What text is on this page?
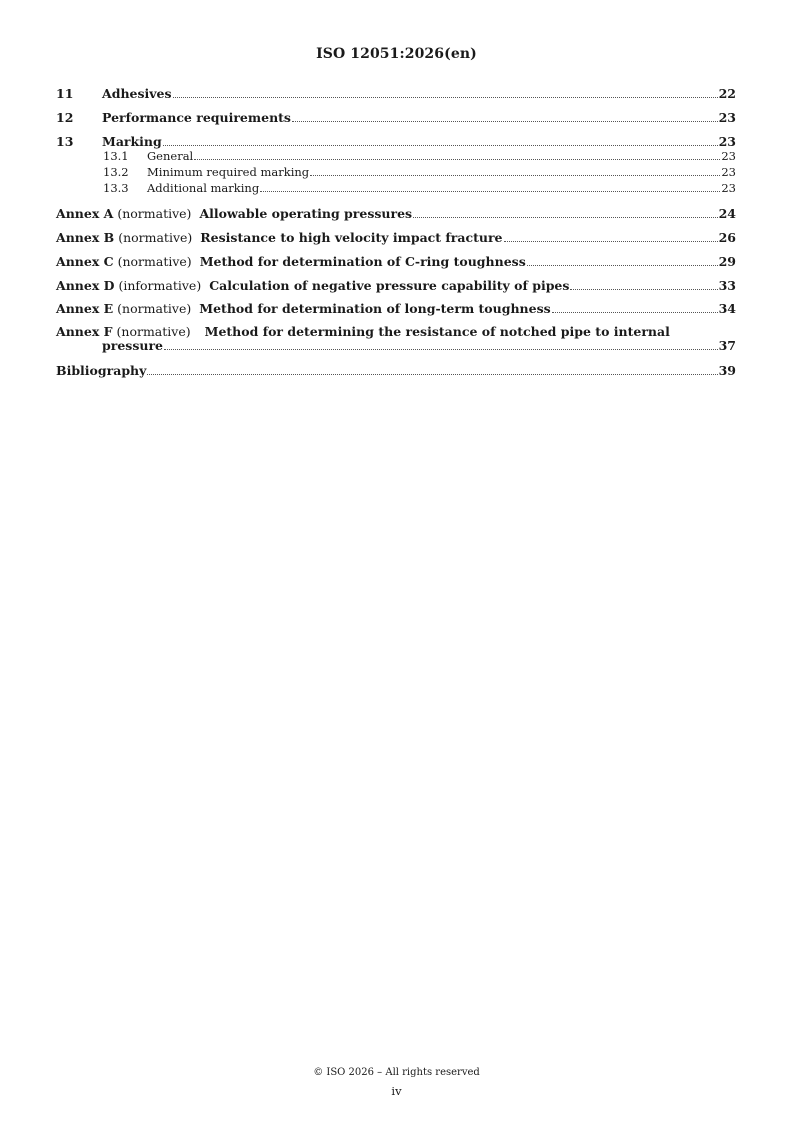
ISO 12051:2026(en)
11	Adhesives	22
12	Performance requirements	23
13	Marking	23
13.1	General	23
13.2	Minimum required marking	23
13.3	Additional marking	23
Annex A (normative) Allowable operating pressures	24
Annex B (normative) Resistance to high velocity impact fracture	26
Annex C (normative) Method for determination of C-ring toughness	29
Annex D (informative) Calculation of negative pressure capability of pipes	33
Annex E (normative) Method for determination of long-term toughness	34
Annex F (normative) Method for determining the resistance of notched pipe to internal
pressure	37
Bibliography	39
© ISO 2026 – All rights reserved
iv
